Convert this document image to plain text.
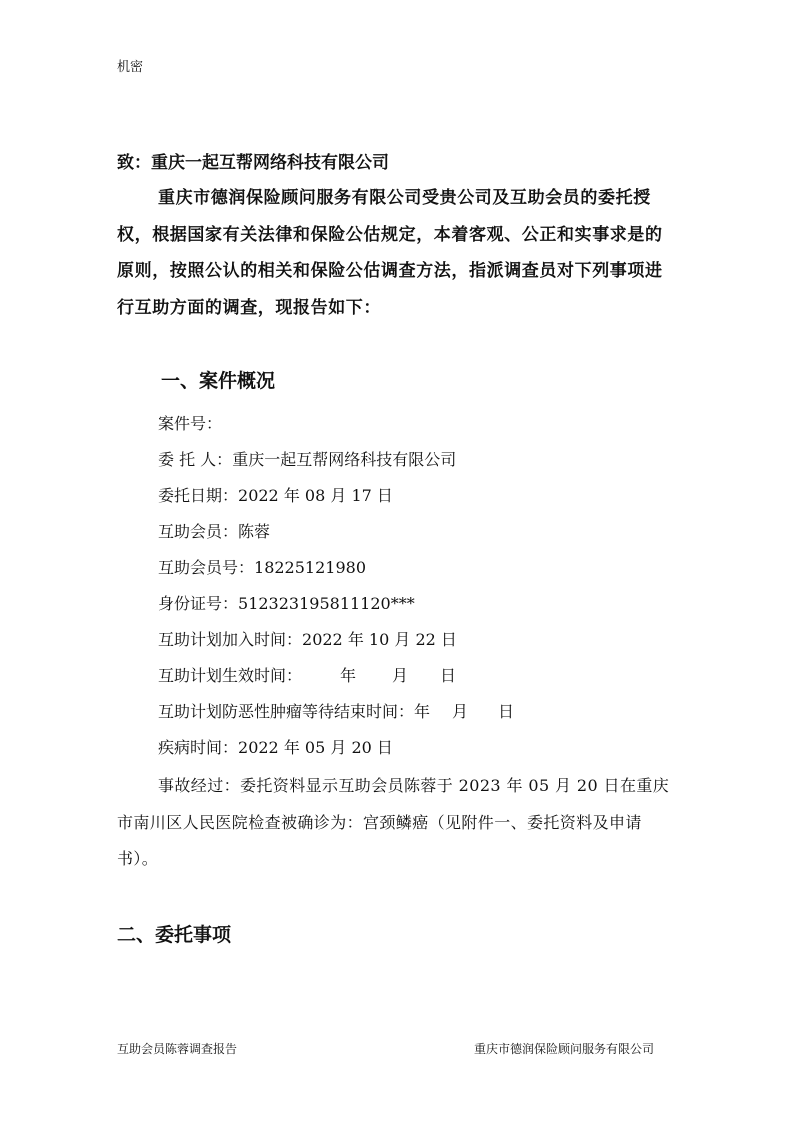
机密
致：重庆一起互帮网络科技有限公司

重庆市德润保险顾问服务有限公司受贵公司及互助会员的委托授权，根据国家有关法律和保险公估规定，本着客观、公正和实事求是的原则，按照公认的相关和保险公估调查方法，指派调查员对下列事项进行互助方面的调查，现报告如下：

一、案件概况
案件号：
委 托 人：重庆一起互帮网络科技有限公司
委托日期：2022 年 08 月 17 日
互助会员：陈蓉
互助会员号：18225121980
身份证号：512323195811120***
互助计划加入时间：2022 年 10 月 22 日
互助计划生效时间： 年 月 日
互助计划防恶性肿瘤等待结束时间：年 月 日
疾病时间：2022 年 05 月 20 日

事故经过：委托资料显示互助会员陈蓉于 2023 年 05 月 20 日在重庆市南川区人民医院检查被确诊为：宫颈鳞癌（见附件一、委托资料及申请书）。

二、委托事项
互助会员陈蓉调查报告	重庆市德润保险顾问服务有限公司
